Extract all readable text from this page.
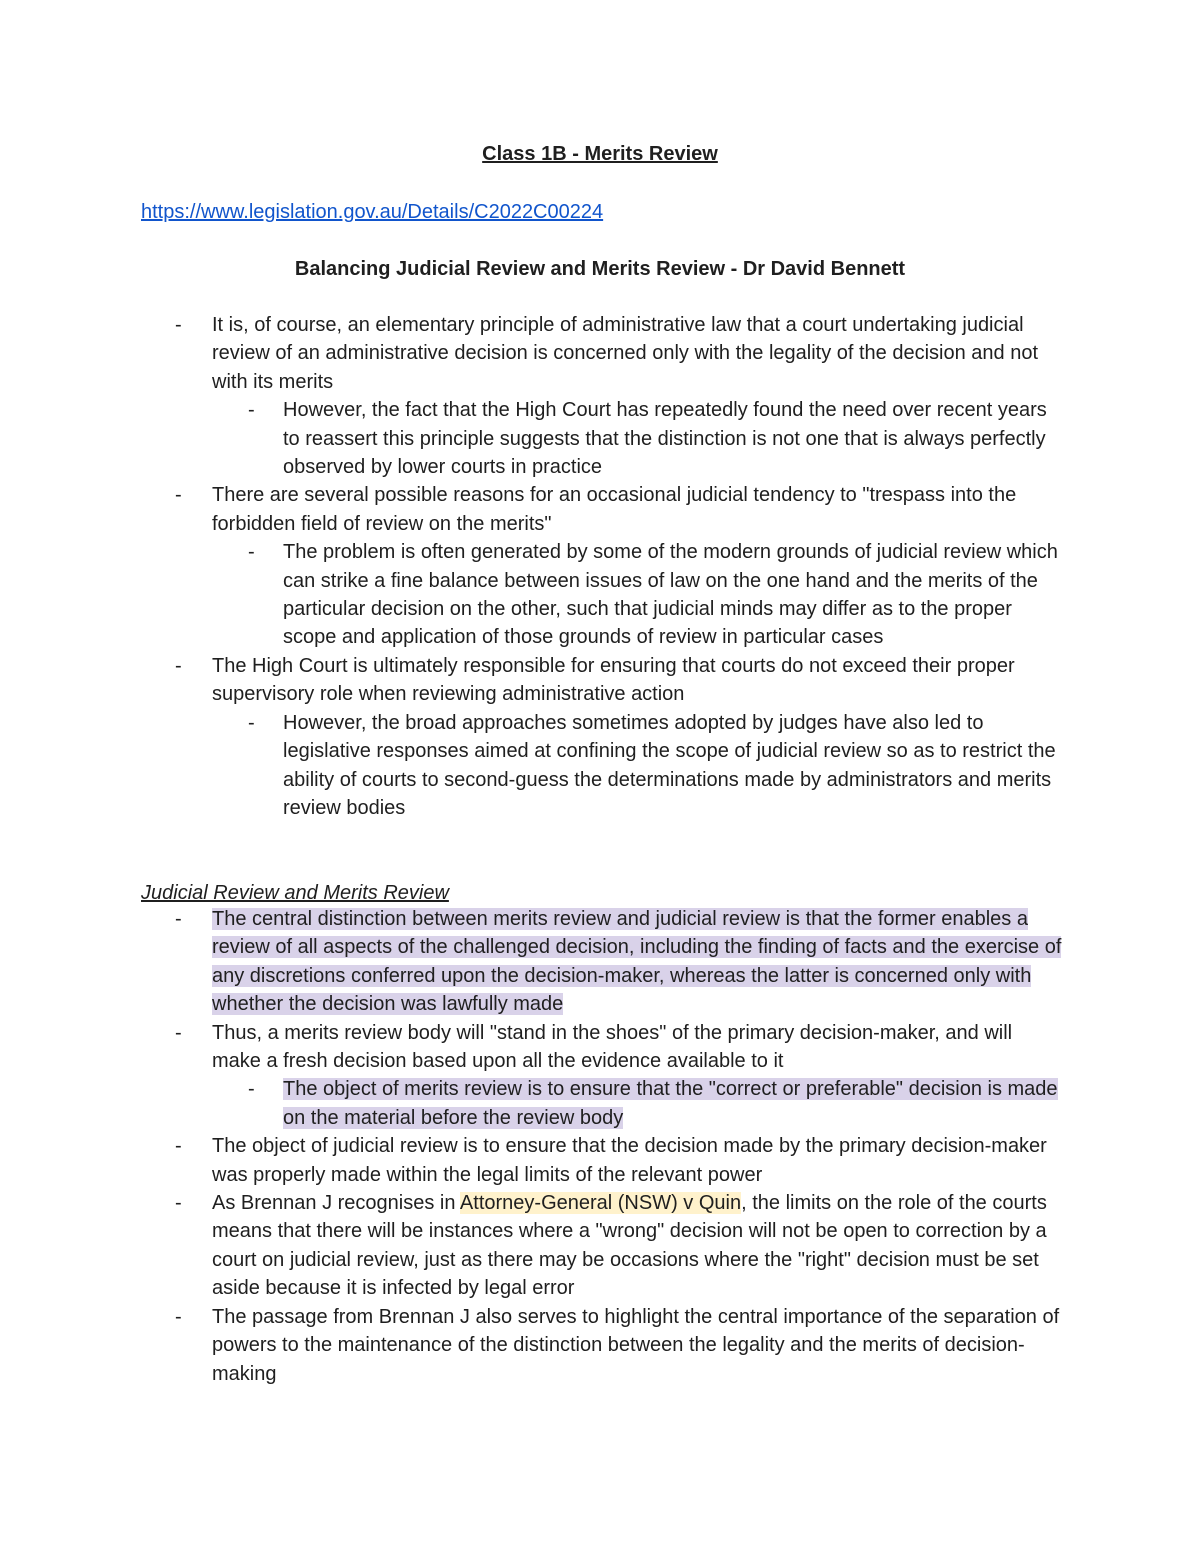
Class 1B - Merits Review
https://www.legislation.gov.au/Details/C2022C00224
Balancing Judicial Review and Merits Review - Dr David Bennett
- It is, of course, an elementary principle of administrative law that a court undertaking judicial review of an administrative decision is concerned only with the legality of the decision and not with its merits
- However, the fact that the High Court has repeatedly found the need over recent years to reassert this principle suggests that the distinction is not one that is always perfectly observed by lower courts in practice
- There are several possible reasons for an occasional judicial tendency to "trespass into the forbidden field of review on the merits"
- The problem is often generated by some of the modern grounds of judicial review which can strike a fine balance between issues of law on the one hand and the merits of the particular decision on the other, such that judicial minds may differ as to the proper scope and application of those grounds of review in particular cases
- The High Court is ultimately responsible for ensuring that courts do not exceed their proper supervisory role when reviewing administrative action
- However, the broad approaches sometimes adopted by judges have also led to legislative responses aimed at confining the scope of judicial review so as to restrict the ability of courts to second-guess the determinations made by administrators and merits review bodies
Judicial Review and Merits Review
- The central distinction between merits review and judicial review is that the former enables a review of all aspects of the challenged decision, including the finding of facts and the exercise of any discretions conferred upon the decision-maker, whereas the latter is concerned only with whether the decision was lawfully made
- Thus, a merits review body will "stand in the shoes" of the primary decision-maker, and will make a fresh decision based upon all the evidence available to it
- The object of merits review is to ensure that the "correct or preferable" decision is made on the material before the review body
- The object of judicial review is to ensure that the decision made by the primary decision-maker was properly made within the legal limits of the relevant power
- As Brennan J recognises in Attorney-General (NSW) v Quin, the limits on the role of the courts means that there will be instances where a "wrong" decision will not be open to correction by a court on judicial review, just as there may be occasions where the "right" decision must be set aside because it is infected by legal error
- The passage from Brennan J also serves to highlight the central importance of the separation of powers to the maintenance of the distinction between the legality and the merits of decision-making
